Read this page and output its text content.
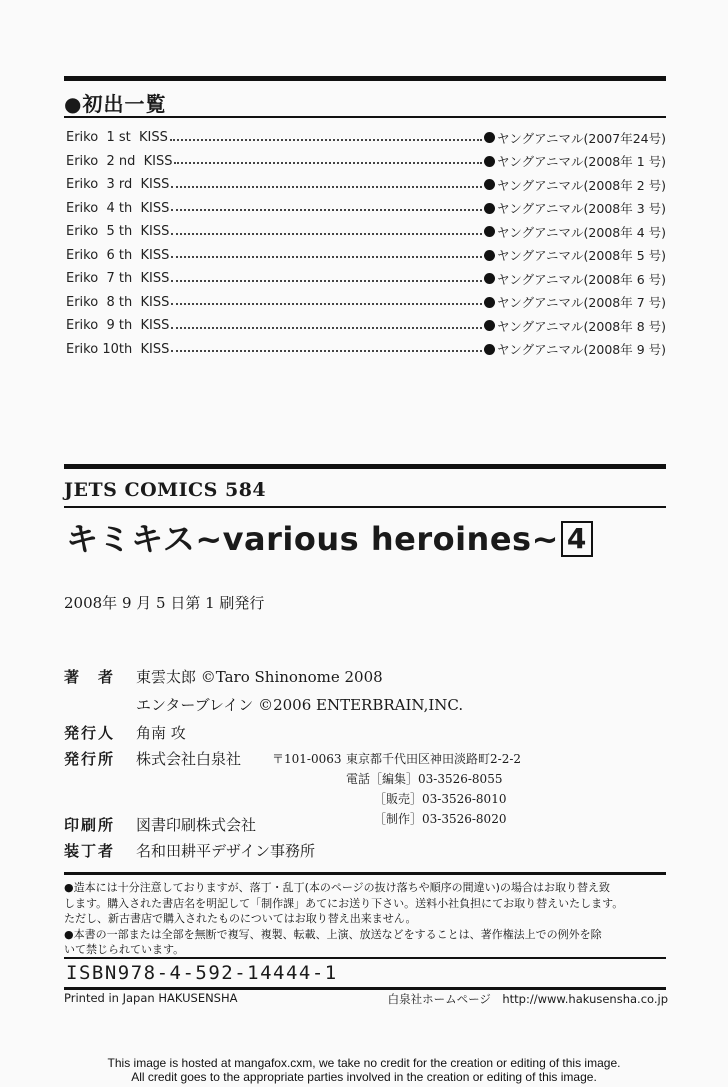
●初出一覧
Eriko  1 st  KISS	ヤングアニマル(2007年24号)
Eriko  2 nd  KISS	ヤングアニマル(2008年 1 号)
Eriko  3 rd  KISS	ヤングアニマル(2008年 2 号)
Eriko  4 th  KISS	ヤングアニマル(2008年 3 号)
Eriko  5 th  KISS	ヤングアニマル(2008年 4 号)
Eriko  6 th  KISS	ヤングアニマル(2008年 5 号)
Eriko  7 th  KISS	ヤングアニマル(2008年 6 号)
Eriko  8 th  KISS	ヤングアニマル(2008年 7 号)
Eriko  9 th  KISS	ヤングアニマル(2008年 8 号)
Eriko 10th  KISS	ヤングアニマル(2008年 9 号)
JETS COMICS 584
キミキス~various heroines~ 4
2008年 9 月 5 日第 1 刷発行
著　者 東雲太郎 ©Taro Shinonome 2008
エンターブレイン ©2006 ENTERBRAIN,INC.
発行人 角南 攻
発行所 株式会社白泉社	〒101-0063 東京都千代田区神田淡路町2-2-2
電話［編集］03-3526-8055
［販売］03-3526-8010
［制作］03-3526-8020
印刷所 図書印刷株式会社
装丁者 名和田耕平デザイン事務所
●造本には十分注意しておりますが、落丁・乱丁(本のページの抜け落ちや順序の間違い)の場合はお取り替え致
します。購入された書店名を明記して「制作課」あてにお送り下さい。送料小社負担にてお取り替えいたします。
ただし、新古書店で購入されたものについてはお取り替え出来ません。
●本書の一部または全部を無断で複写、複製、転載、上演、放送などをすることは、著作権法上での例外を除
いて禁じられています。
ISBN978-4-592-14444-1
Printed in Japan HAKUSENSHA	白泉社ホームページ　http://www.hakusensha.co.jp
This image is hosted at mangafox.cxm, we take no credit for the creation or editing of this image.
All credit goes to the appropriate parties involved in the creation or editing of this image.
